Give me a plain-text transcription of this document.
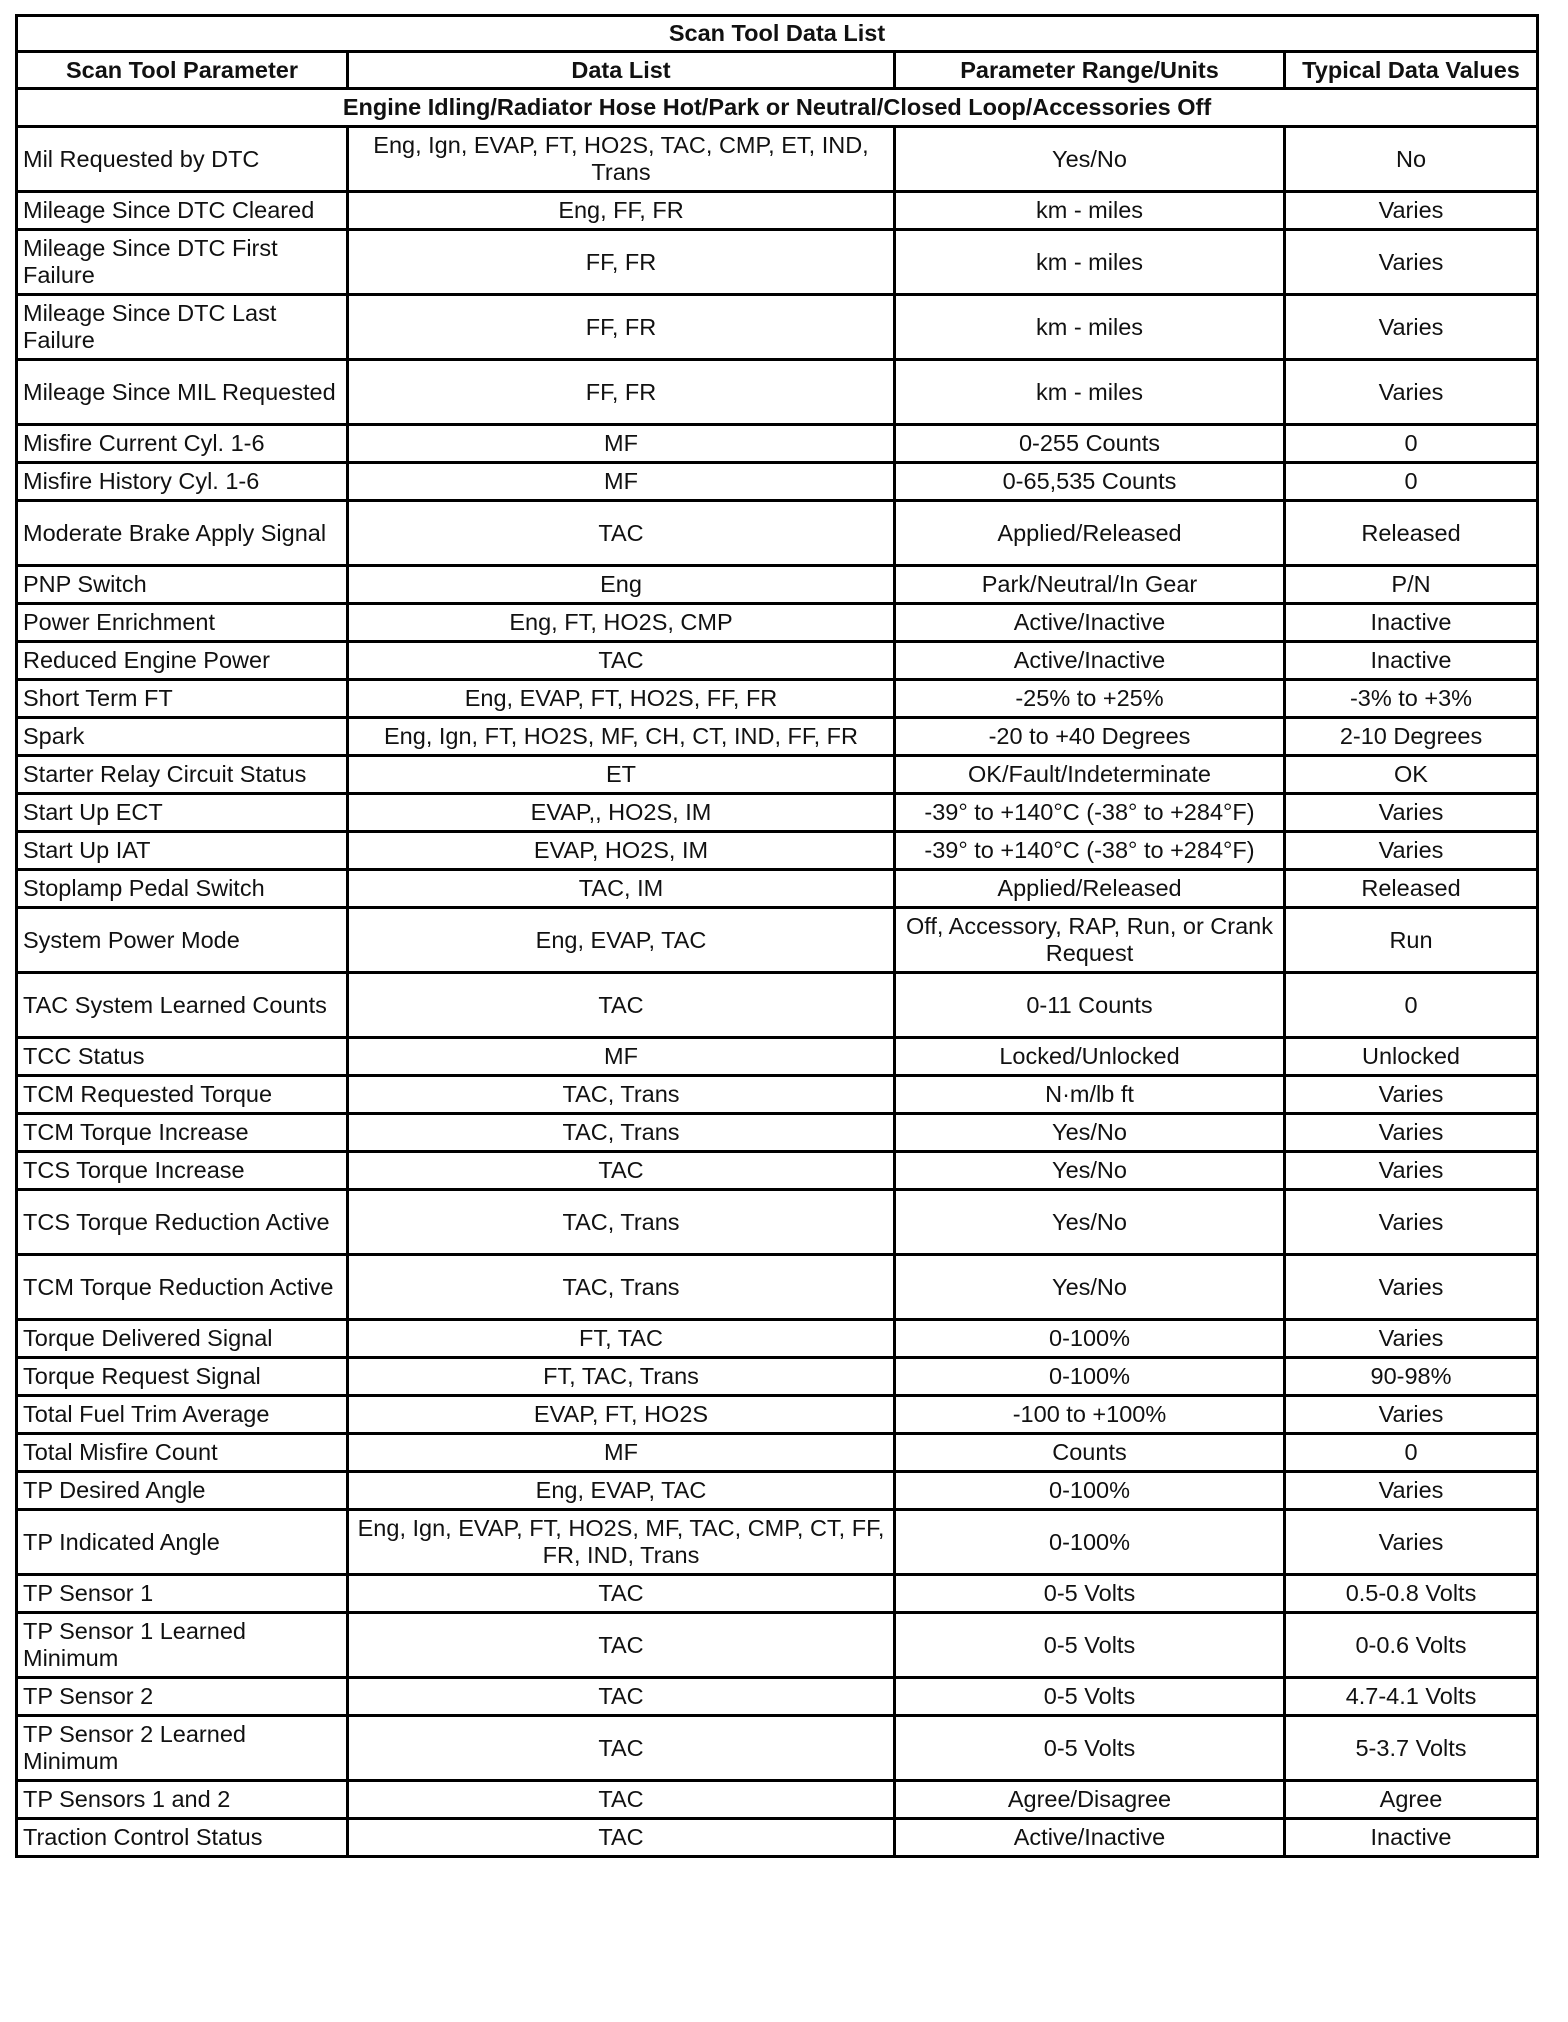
Scan Tool Data List			
Scan Tool Parameter	Data List	Parameter Range/Units	Typical Data Values
Engine Idling/Radiator Hose Hot/Park or Neutral/Closed Loop/Accessories Off			
Mil Requested by DTC	Eng, Ign, EVAP, FT, HO2S, TAC, CMP, ET, IND, Trans	Yes/No	No
Mileage Since DTC Cleared	Eng, FF, FR	km - miles	Varies
Mileage Since DTC First Failure	FF, FR	km - miles	Varies
Mileage Since DTC Last Failure	FF, FR	km - miles	Varies
Mileage Since MIL Requested	FF, FR	km - miles	Varies
Misfire Current Cyl. 1-6	MF	0-255 Counts	0
Misfire History Cyl. 1-6	MF	0-65,535 Counts	0
Moderate Brake Apply Signal	TAC	Applied/Released	Released
PNP Switch	Eng	Park/Neutral/In Gear	P/N
Power Enrichment	Eng, FT, HO2S, CMP	Active/Inactive	Inactive
Reduced Engine Power	TAC	Active/Inactive	Inactive
Short Term FT	Eng, EVAP, FT, HO2S, FF, FR	-25% to +25%	-3% to +3%
Spark	Eng, Ign, FT, HO2S, MF, CH, CT, IND, FF, FR	-20 to +40 Degrees	2-10 Degrees
Starter Relay Circuit Status	ET	OK/Fault/Indeterminate	OK
Start Up ECT	EVAP,, HO2S, IM	-39° to +140°C (-38° to +284°F)	Varies
Start Up IAT	EVAP, HO2S, IM	-39° to +140°C (-38° to +284°F)	Varies
Stoplamp Pedal Switch	TAC, IM	Applied/Released	Released
System Power Mode	Eng, EVAP, TAC	Off, Accessory, RAP, Run, or Crank Request	Run
TAC System Learned Counts	TAC	0-11 Counts	0
TCC Status	MF	Locked/Unlocked	Unlocked
TCM Requested Torque	TAC, Trans	N·m/lb ft	Varies
TCM Torque Increase	TAC, Trans	Yes/No	Varies
TCS Torque Increase	TAC	Yes/No	Varies
TCS Torque Reduction Active	TAC, Trans	Yes/No	Varies
TCM Torque Reduction Active	TAC, Trans	Yes/No	Varies
Torque Delivered Signal	FT, TAC	0-100%	Varies
Torque Request Signal	FT, TAC, Trans	0-100%	90-98%
Total Fuel Trim Average	EVAP, FT, HO2S	-100 to +100%	Varies
Total Misfire Count	MF	Counts	0
TP Desired Angle	Eng, EVAP, TAC	0-100%	Varies
TP Indicated Angle	Eng, Ign, EVAP, FT, HO2S, MF, TAC, CMP, CT, FF, FR, IND, Trans	0-100%	Varies
TP Sensor 1	TAC	0-5 Volts	0.5-0.8 Volts
TP Sensor 1 Learned Minimum	TAC	0-5 Volts	0-0.6 Volts
TP Sensor 2	TAC	0-5 Volts	4.7-4.1 Volts
TP Sensor 2 Learned Minimum	TAC	0-5 Volts	5-3.7 Volts
TP Sensors 1 and 2	TAC	Agree/Disagree	Agree
Traction Control Status	TAC	Active/Inactive	Inactive
